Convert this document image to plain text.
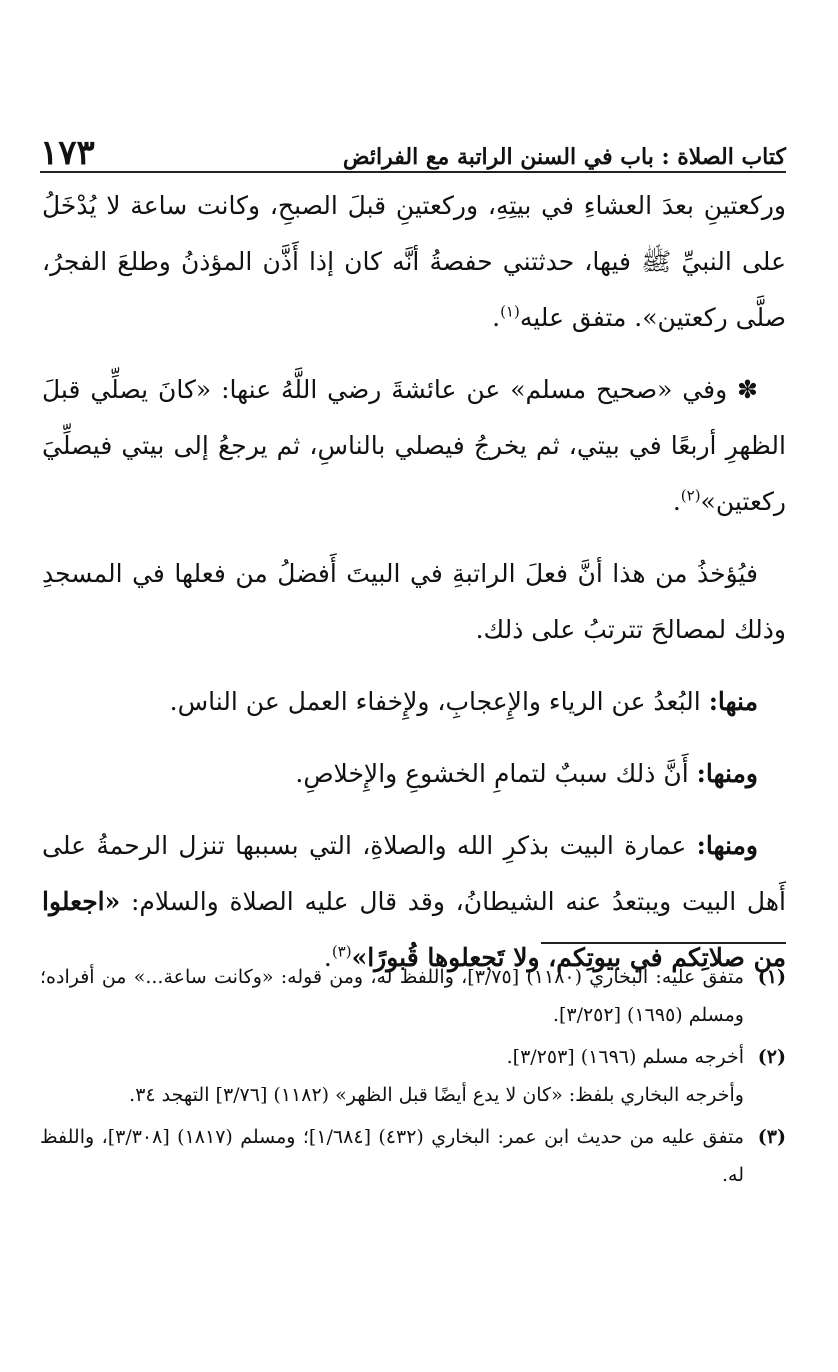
كتاب الصلاة : باب في السنن الراتبة مع الفرائض
١٧٣

وركعتينِ بعدَ العشاءِ في بيتِهِ، وركعتينِ قبلَ الصبحِ، وكانت ساعة لا يُدْخَلُ على النبيِّ ﷺ فيها، حدثتني حفصةُ أنَّه كان إذا أَذَّن المؤذنُ وطلعَ الفجرُ، صلَّى ركعتين». متفق عليه$^{(١)}$.

✽ وفي «صحيح مسلم» عن عائشةَ رضي اللَّهُ عنها: «كانَ يصلِّي قبلَ الظهرِ أربعًا في بيتي، ثم يخرجُ فيصلي بالناسِ، ثم يرجعُ إلى بيتي فيصلِّيَ ركعتين»$^{(٢)}$.

فيُؤخذُ من هذا أنَّ فعلَ الراتبةِ في البيتَ أَفضلُ من فعلها في المسجدِ وذلك لمصالحَ تترتبُ على ذلك.

منها: البُعدُ عن الرياء والإِعجابِ، ولإِخفاء العمل عن الناس.

ومنها: أَنَّ ذلك سببٌ لتمامِ الخشوعِ والإِخلاصِ.

ومنها: عمارة البيت بذكرِ الله والصلاةِ، التي بسببها تنزل الرحمةُ على أَهل البيت ويبتعدُ عنه الشيطانُ، وقد قال عليه الصلاة والسلام: «اجعلوا من صلاتِكم في بيوتِكم، ولا تَجعلوها قُبورًا»$^{(٣)}$.

(١)
متفق عليه: البخاري (١١٨٠) [٣/٧٥]، واللفظ له، ومن قوله: «وكانت ساعة...» من أفراده؛ ومسلم (١٦٩٥) [٣/٢٥٢].
(٢)
أخرجه مسلم (١٦٩٦) [٣/٢٥٣].
وأخرجه البخاري بلفظ: «كان لا يدع أيضًا قبل الظهر» (١١٨٢) [٣/٧٦] التهجد ٣٤.
(٣)
متفق عليه من حديث ابن عمر: البخاري (٤٣٢) [١/٦٨٤]؛ ومسلم (١٨١٧) [٣/٣٠٨]، واللفظ له.
